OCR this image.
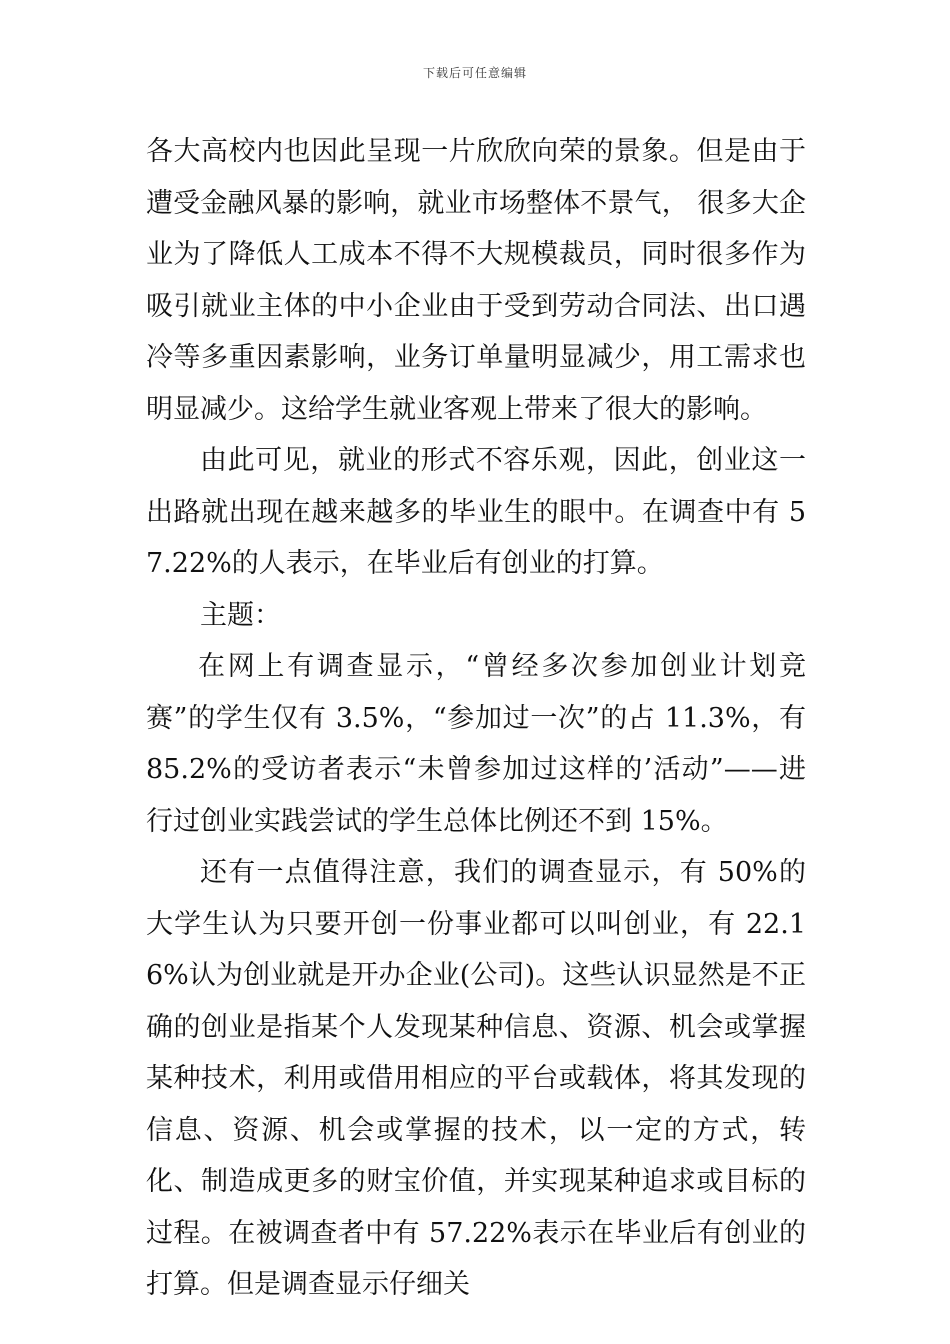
下载后可任意编辑

各大高校内也因此呈现一片欣欣向荣的景象。但是由于遭受金融风暴的影响，就业市场整体不景气， 很多大企业为了降低人工成本不得不大规模裁员，同时很多作为吸引就业主体的中小企业由于受到劳动合同法、出口遇冷等多重因素影响，业务订单量明显减少，用工需求也明显减少。这给学生就业客观上带来了很大的影响。

由此可见，就业的形式不容乐观，因此，创业这一出路就出现在越来越多的毕业生的眼中。在调查中有 57.22%的人表示，在毕业后有创业的打算。

主题：

在网上有调查显示，“曾经多次参加创业计划竞赛”的学生仅有 3.5%，“参加过一次”的占 11.3%，有 85.2%的受访者表示“未曾参加过这样的’活动”——进行过创业实践尝试的学生总体比例还不到 15%。

还有一点值得注意，我们的调查显示，有 50%的大学生认为只要开创一份事业都可以叫创业，有 22.16%认为创业就是开办企业(公司)。这些认识显然是不正确的创业是指某个人发现某种信息、资源、机会或掌握某种技术，利用或借用相应的平台或载体，将其发现的信息、资源、机会或掌握的技术，以一定的方式，转化、制造成更多的财宝价值，并实现某种追求或目标的过程。在被调查者中有 57.22%表示在毕业后有创业的打算。但是调查显示仔细关
